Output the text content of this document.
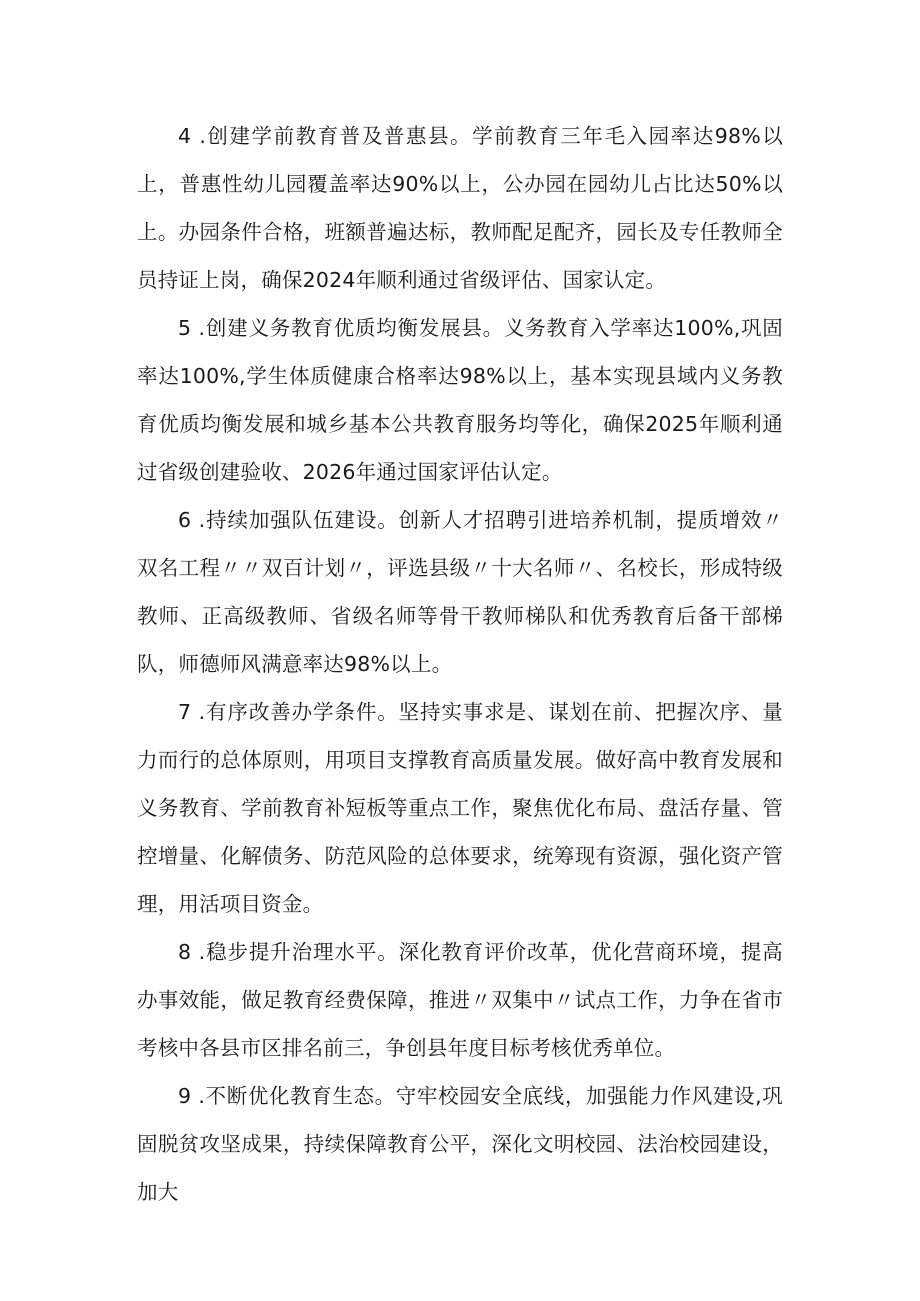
4 .创建学前教育普及普惠县。学前教育三年毛入园率达98%以上，普惠性幼儿园覆盖率达90%以上，公办园在园幼儿占比达50%以上。办园条件合格，班额普遍达标，教师配足配齐，园长及专任教师全员持证上岗，确保2024年顺利通过省级评估、国家认定。

5 .创建义务教育优质均衡发展县。义务教育入学率达100%,巩固率达100%,学生体质健康合格率达98%以上，基本实现县域内义务教育优质均衡发展和城乡基本公共教育服务均等化，确保2025年顺利通过省级创建验收、2026年通过国家评估认定。

6 .持续加强队伍建设。创新人才招聘引进培养机制，提质增效〃双名工程〃〃双百计划〃，评选县级〃十大名师〃、名校长，形成特级教师、正高级教师、省级名师等骨干教师梯队和优秀教育后备干部梯队，师德师风满意率达98%以上。

7 .有序改善办学条件。坚持实事求是、谋划在前、把握次序、量力而行的总体原则，用项目支撑教育高质量发展。做好高中教育发展和义务教育、学前教育补短板等重点工作，聚焦优化布局、盘活存量、管控增量、化解债务、防范风险的总体要求，统筹现有资源，强化资产管理，用活项目资金。

8 .稳步提升治理水平。深化教育评价改革，优化营商环境，提高办事效能，做足教育经费保障，推进〃双集中〃试点工作，力争在省市考核中各县市区排名前三，争创县年度目标考核优秀单位。

9 .不断优化教育生态。守牢校园安全底线，加强能力作风建设,巩固脱贫攻坚成果，持续保障教育公平，深化文明校园、法治校园建设，加大
